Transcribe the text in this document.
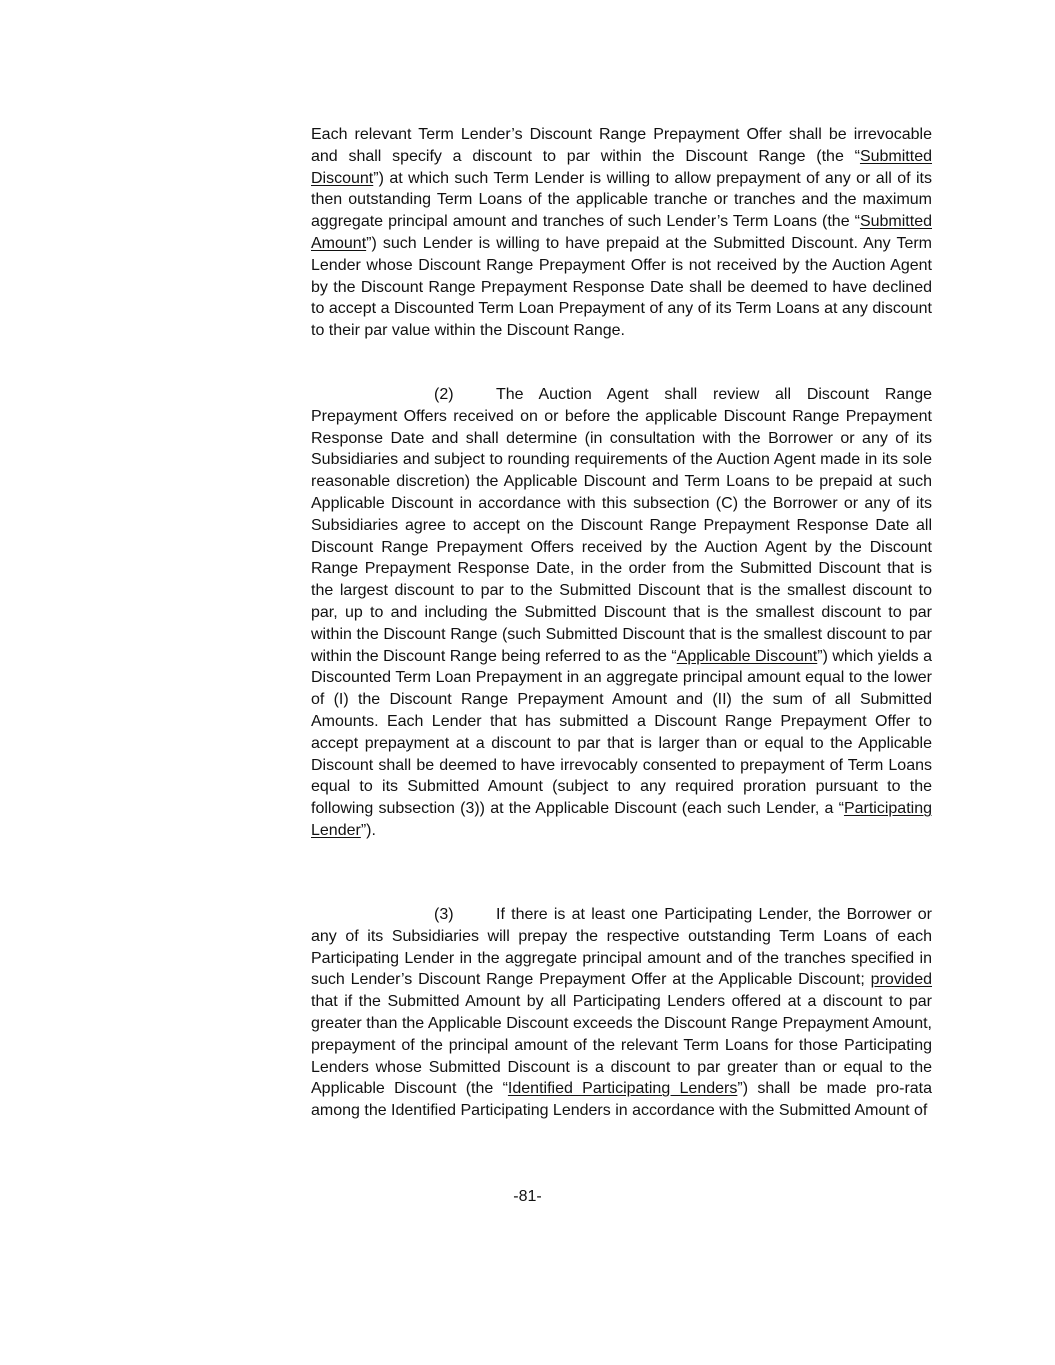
Each relevant Term Lender’s Discount Range Prepayment Offer shall be irrevocable and shall specify a discount to par within the Discount Range (the “Submitted Discount”) at which such Term Lender is willing to allow prepayment of any or all of its then outstanding Term Loans of the applicable tranche or tranches and the maximum aggregate principal amount and tranches of such Lender’s Term Loans (the “Submitted Amount”) such Lender is willing to have prepaid at the Submitted Discount. Any Term Lender whose Discount Range Prepayment Offer is not received by the Auction Agent by the Discount Range Prepayment Response Date shall be deemed to have declined to accept a Discounted Term Loan Prepayment of any of its Term Loans at any discount to their par value within the Discount Range.
(2)	The Auction Agent shall review all Discount Range Prepayment Offers received on or before the applicable Discount Range Prepayment Response Date and shall determine (in consultation with the Borrower or any of its Subsidiaries and subject to rounding requirements of the Auction Agent made in its sole reasonable discretion) the Applicable Discount and Term Loans to be prepaid at such Applicable Discount in accordance with this subsection (C) the Borrower or any of its Subsidiaries agree to accept on the Discount Range Prepayment Response Date all Discount Range Prepayment Offers received by the Auction Agent by the Discount Range Prepayment Response Date, in the order from the Submitted Discount that is the largest discount to par to the Submitted Discount that is the smallest discount to par, up to and including the Submitted Discount that is the smallest discount to par within the Discount Range (such Submitted Discount that is the smallest discount to par within the Discount Range being referred to as the “Applicable Discount”) which yields a Discounted Term Loan Prepayment in an aggregate principal amount equal to the lower of (I) the Discount Range Prepayment Amount and (II) the sum of all Submitted Amounts. Each Lender that has submitted a Discount Range Prepayment Offer to accept prepayment at a discount to par that is larger than or equal to the Applicable Discount shall be deemed to have irrevocably consented to prepayment of Term Loans equal to its Submitted Amount (subject to any required proration pursuant to the following subsection (3)) at the Applicable Discount (each such Lender, a “Participating Lender”).
(3)	If there is at least one Participating Lender, the Borrower or any of its Subsidiaries will prepay the respective outstanding Term Loans of each Participating Lender in the aggregate principal amount and of the tranches specified in such Lender’s Discount Range Prepayment Offer at the Applicable Discount; provided that if the Submitted Amount by all Participating Lenders offered at a discount to par greater than the Applicable Discount exceeds the Discount Range Prepayment Amount, prepayment of the principal amount of the relevant Term Loans for those Participating Lenders whose Submitted Discount is a discount to par greater than or equal to the Applicable Discount (the “Identified Participating Lenders”) shall be made pro-rata among the Identified Participating Lenders in accordance with the Submitted Amount of
-81-
